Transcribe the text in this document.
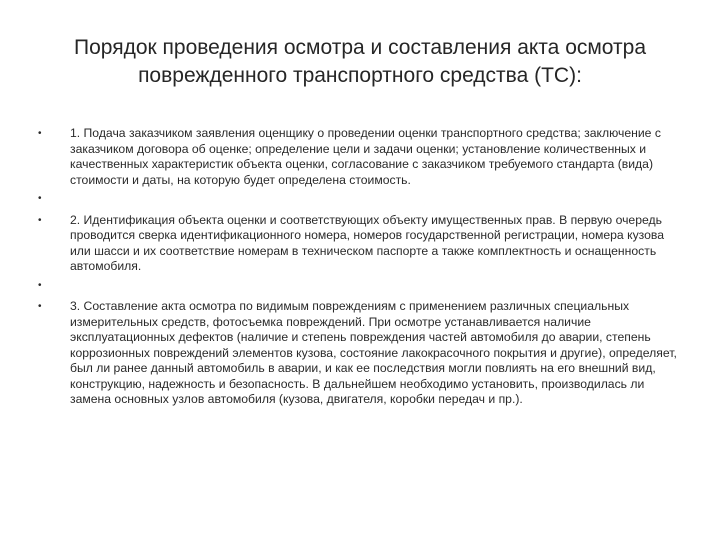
Порядок проведения осмотра и составления акта осмотра
поврежденного транспортного средства (ТС):
•	1. Подача заказчиком заявления оценщику о проведении оценки транспортного средства; заключение с заказчиком договора об оценке; определение цели и задачи оценки; установление количественных и качественных характеристик объекта оценки, согласование с заказчиком требуемого стандарта (вида) стоимости и даты, на которую будет определена стоимость.
•
•	2. Идентификация объекта оценки и соответствующих объекту имущественных прав. В первую очередь проводится сверка идентификационного номера, номеров государственной регистрации, номера кузова или шасси и их соответствие номерам в техническом паспорте а также комплектность и оснащенность автомобиля.
•
•	3. Составление акта осмотра по видимым повреждениям с применением различных специальных измерительных средств, фотосъемка повреждений. При осмотре устанавливается наличие эксплуатационных дефектов (наличие и степень повреждения частей автомобиля до аварии, степень коррозионных повреждений элементов кузова, состояние лакокрасочного покрытия и другие), определяет, был ли ранее данный автомобиль в аварии, и как ее последствия могли повлиять на его внешний вид, конструкцию, надежность и безопасность. В дальнейшем необходимо установить, производилась ли замена основных узлов автомобиля (кузова, двигателя, коробки передач и пр.).
